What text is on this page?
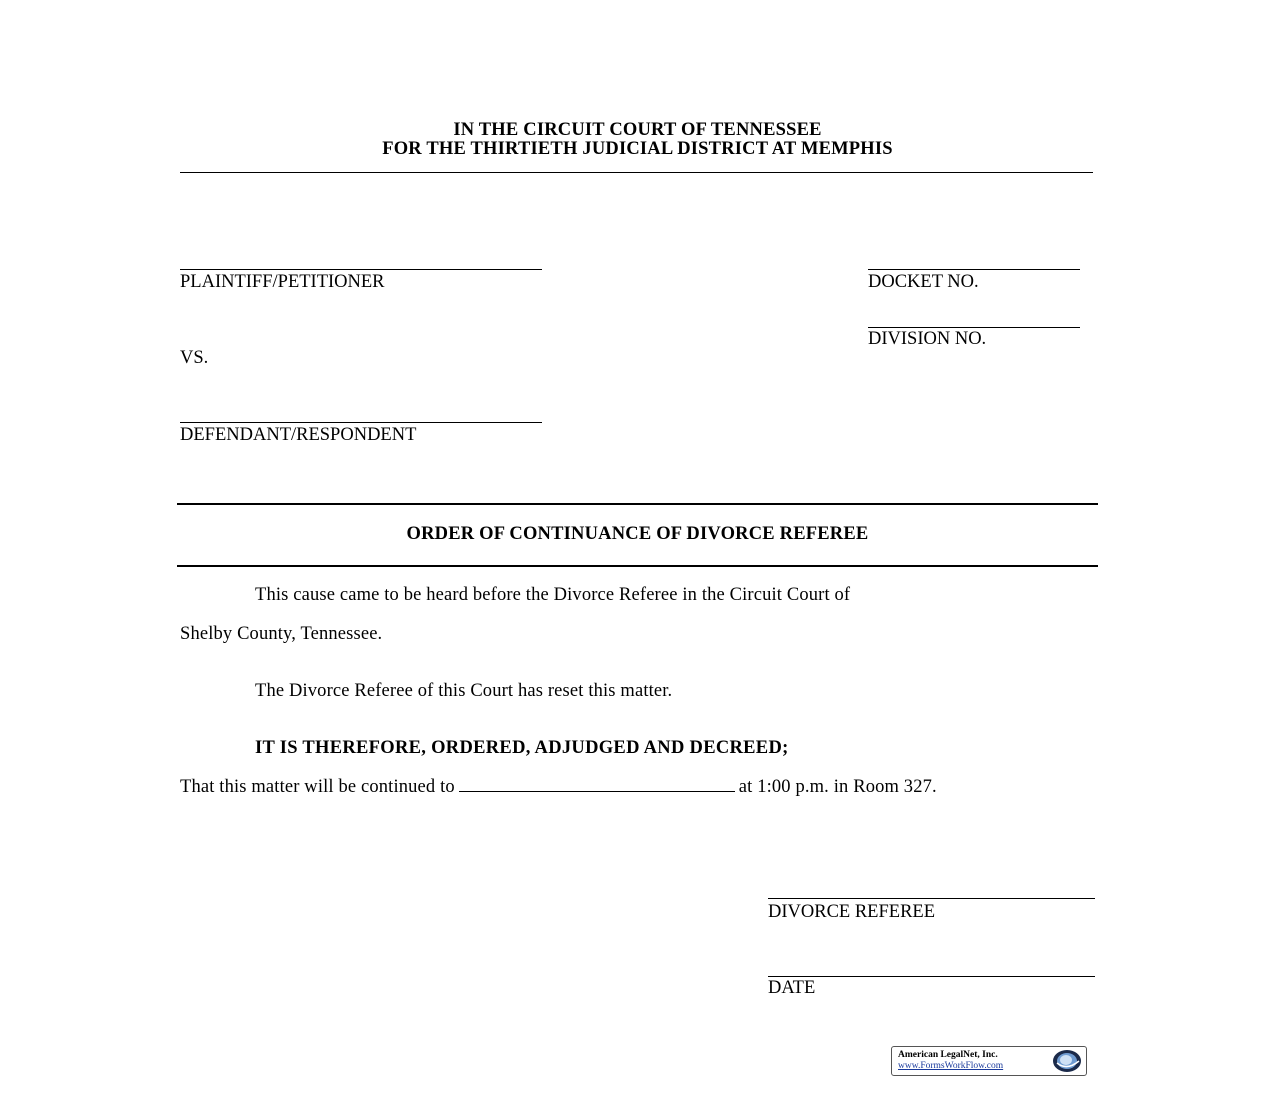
IN THE CIRCUIT COURT OF TENNESSEE
FOR THE THIRTIETH JUDICIAL DISTRICT AT MEMPHIS
PLAINTIFF/PETITIONER	DOCKET NO.
DIVISION NO.
VS.
DEFENDANT/RESPONDENT
ORDER OF CONTINUANCE OF DIVORCE REFEREE
This cause came to be heard before the Divorce Referee in the Circuit Court of
Shelby County, Tennessee.
The Divorce Referee of this Court has reset this matter.
IT IS THEREFORE, ORDERED, ADJUDGED AND DECREED;
That this matter will be continued to	at 1:00 p.m. in Room 327.
DIVORCE REFEREE
DATE
American LegalNet, Inc.
www.FormsWorkFlow.com
